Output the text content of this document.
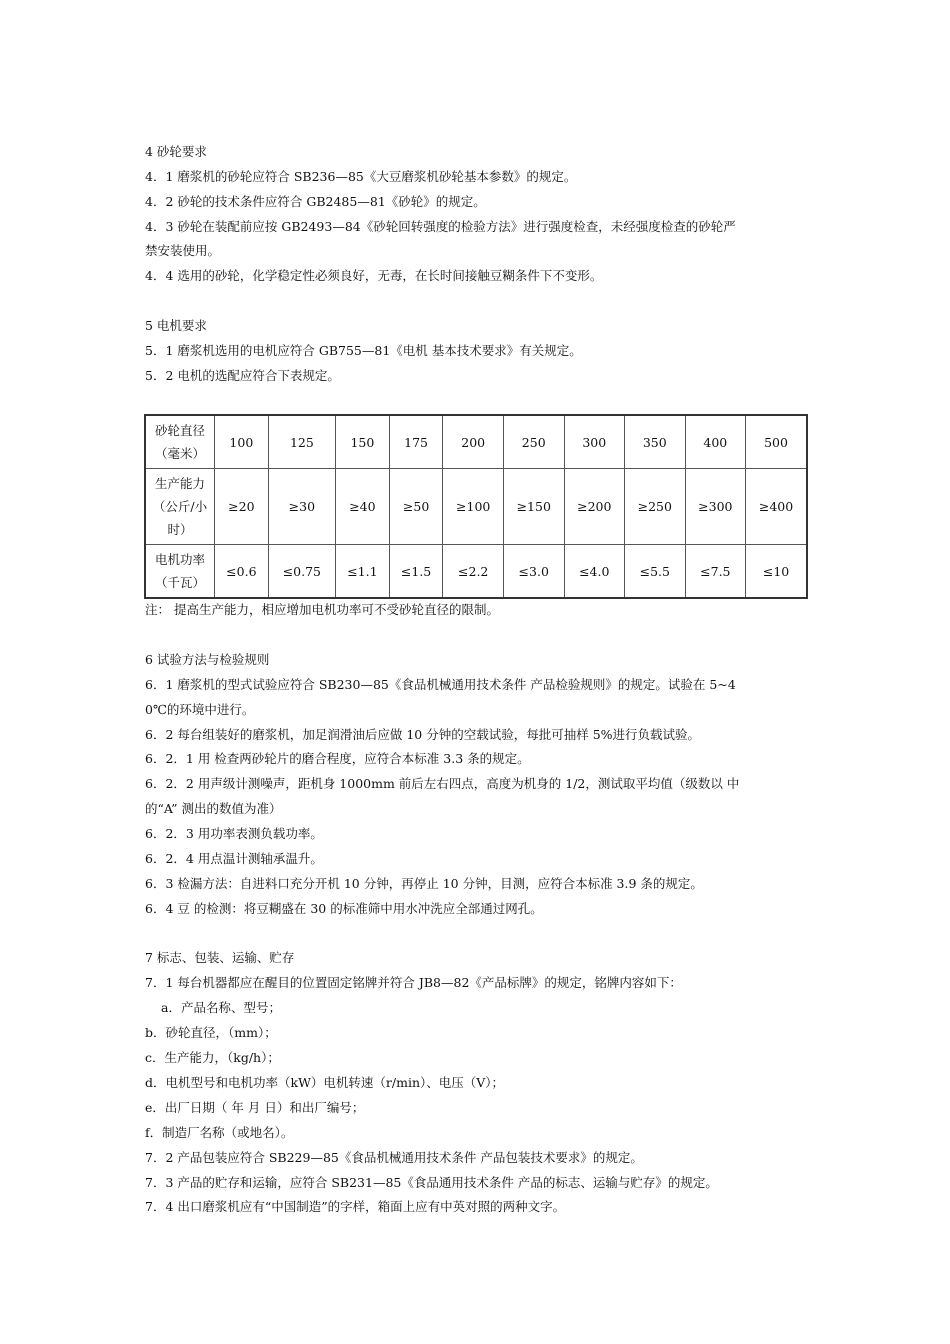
4 砂轮要求
4．1 磨浆机的砂轮应符合 SB236—85《大豆磨浆机砂轮基本参数》的规定。
4．2 砂轮的技术条件应符合 GB2485—81《砂轮》的规定。
4．3 砂轮在装配前应按 GB2493—84《砂轮回转强度的检验方法》进行强度检查，未经强度检查的砂轮严
禁安装使用。
4．4 选用的砂轮，化学稳定性必须良好，无毒，在长时间接触豆糊条件下不变形。
5 电机要求
5．1 磨浆机选用的电机应符合 GB755—81《电机 基本技术要求》有关规定。
5．2 电机的选配应符合下表规定。
砂轮直径
（毫米）	100	125	150	175	200	250	300	350	400	500

生产能力
（公斤/小
时）	≥20	≥30	≥40	≥50	≥100	≥150	≥200	≥250	≥300	≥400

电机功率
（千瓦）	≤0.6	≤0.75	≤1.1	≤1.5	≤2.2	≤3.0	≤4.0	≤5.5	≤7.5	≤10
注： 提高生产能力，相应增加电机功率可不受砂轮直径的限制。
6 试验方法与检验规则
6．1 磨浆机的型式试验应符合 SB230—85《食品机械通用技术条件 产品检验规则》的规定。试验在 5~4
0℃的环境中进行。
6．2 每台组装好的磨浆机，加足润滑油后应做 10 分钟的空载试验，每批可抽样 5%进行负载试验。
6．2．1 用 检查两砂轮片的磨合程度，应符合本标准 3.3 条的规定。
6．2．2 用声级计测噪声，距机身 1000mm 前后左右四点，高度为机身的 1/2，测试取平均值（级数以 中
的“A” 测出的数值为准）
6．2．3 用功率表测负载功率。
6．2．4 用点温计测轴承温升。
6．3 检漏方法：自进料口充分开机 10 分钟，再停止 10 分钟，目测，应符合本标准 3.9 条的规定。
6．4 豆 的检测：将豆糊盛在 30 的标准筛中用水冲洗应全部通过网孔。
7 标志、包装、运输、贮存
7．1 每台机器都应在醒目的位置固定铭牌并符合 JB8—82《产品标牌》的规定，铭牌内容如下：
a．产品名称、型号；
b．砂轮直径，（mm）；
c．生产能力，（kg/h）；
d．电机型号和电机功率（kW）电机转速（r/min）、电压（V）；
e．出厂日期（ 年 月 日）和出厂编号；
f．制造厂名称（或地名）。
7．2 产品包装应符合 SB229—85《食品机械通用技术条件 产品包装技术要求》的规定。
7．3 产品的贮存和运输，应符合 SB231—85《食品通用技术条件 产品的标志、运输与贮存》的规定。
7．4 出口磨浆机应有“中国制造”的字样，箱面上应有中英对照的两种文字。
